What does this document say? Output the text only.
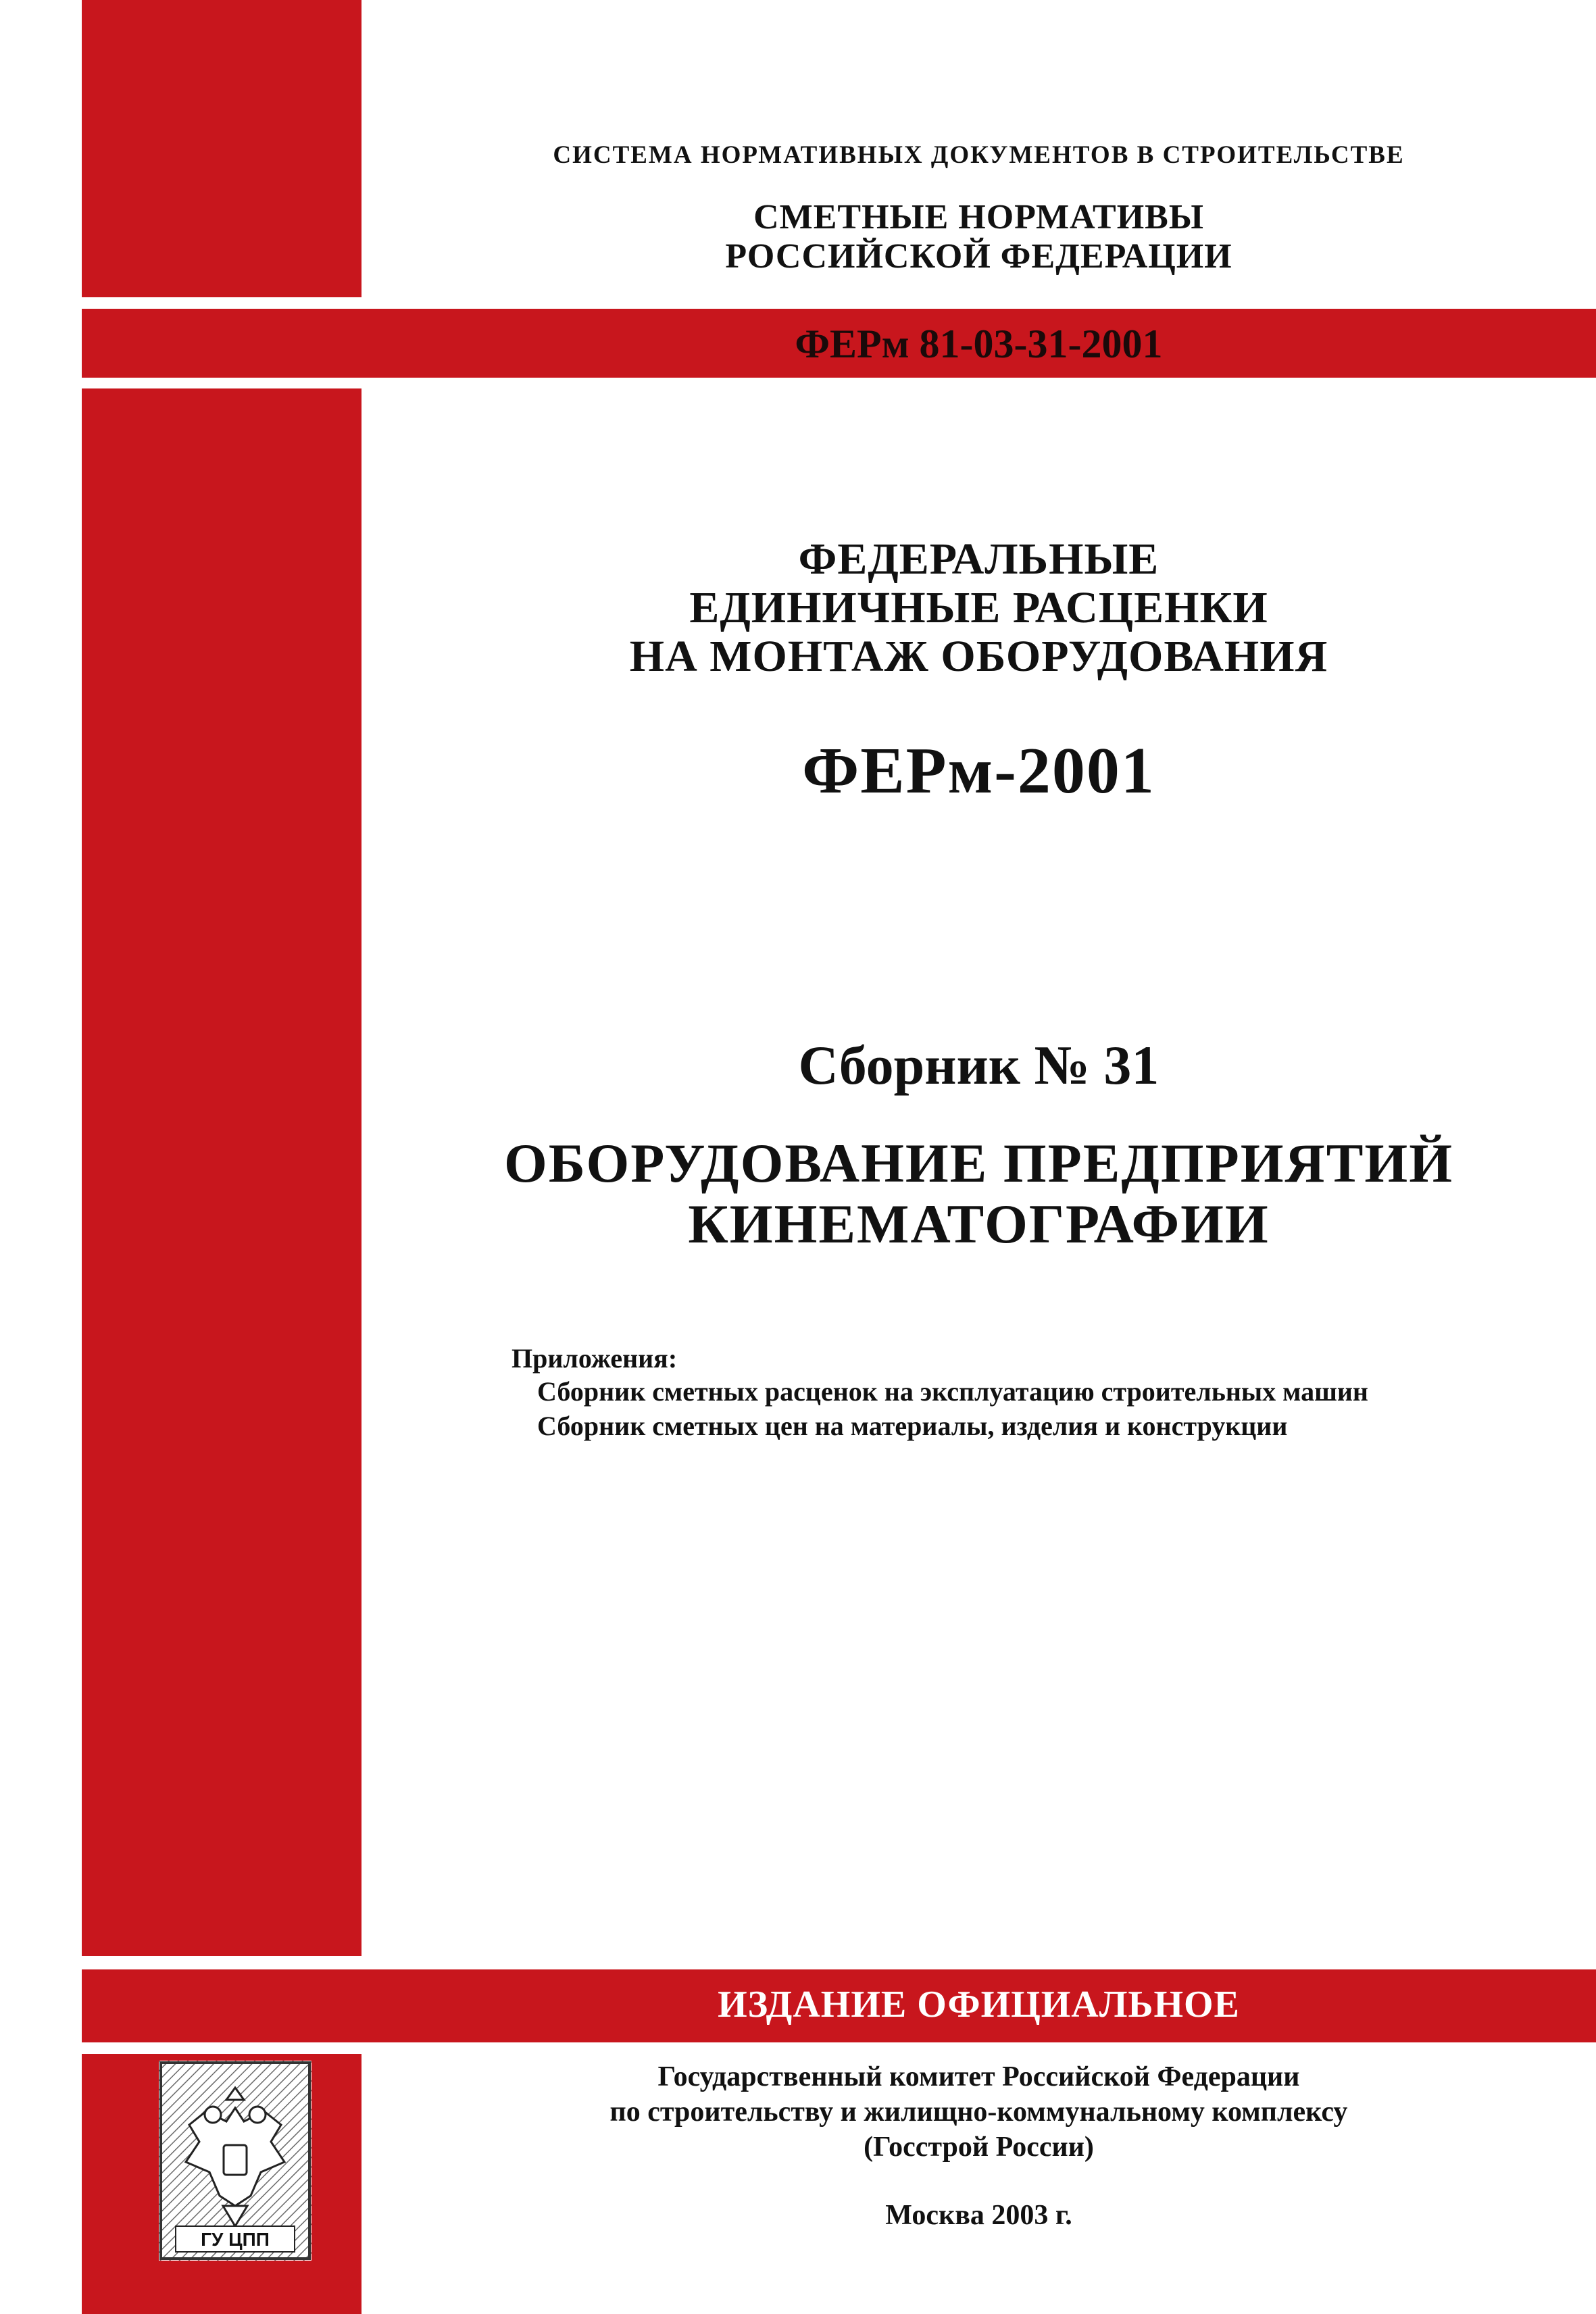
СИСТЕМА НОРМАТИВНЫХ ДОКУМЕНТОВ В СТРОИТЕЛЬСТВЕ
СМЕТНЫЕ НОРМАТИВЫ
РОССИЙСКОЙ ФЕДЕРАЦИИ
ФЕРм 81-03-31-2001
ФЕДЕРАЛЬНЫЕ
ЕДИНИЧНЫЕ РАСЦЕНКИ
НА МОНТАЖ ОБОРУДОВАНИЯ
ФЕРм-2001
Сборник № 31
ОБОРУДОВАНИЕ ПРЕДПРИЯТИЙ
КИНЕМАТОГРАФИИ
Приложения:
Сборник сметных расценок на эксплуатацию строительных машин
Сборник сметных цен на материалы, изделия и конструкции
ИЗДАНИЕ ОФИЦИАЛЬНОЕ
ГУ ЦПП
Государственный комитет Российской Федерации
по строительству и жилищно-коммунальному комплексу
(Госстрой России)
Москва 2003 г.
